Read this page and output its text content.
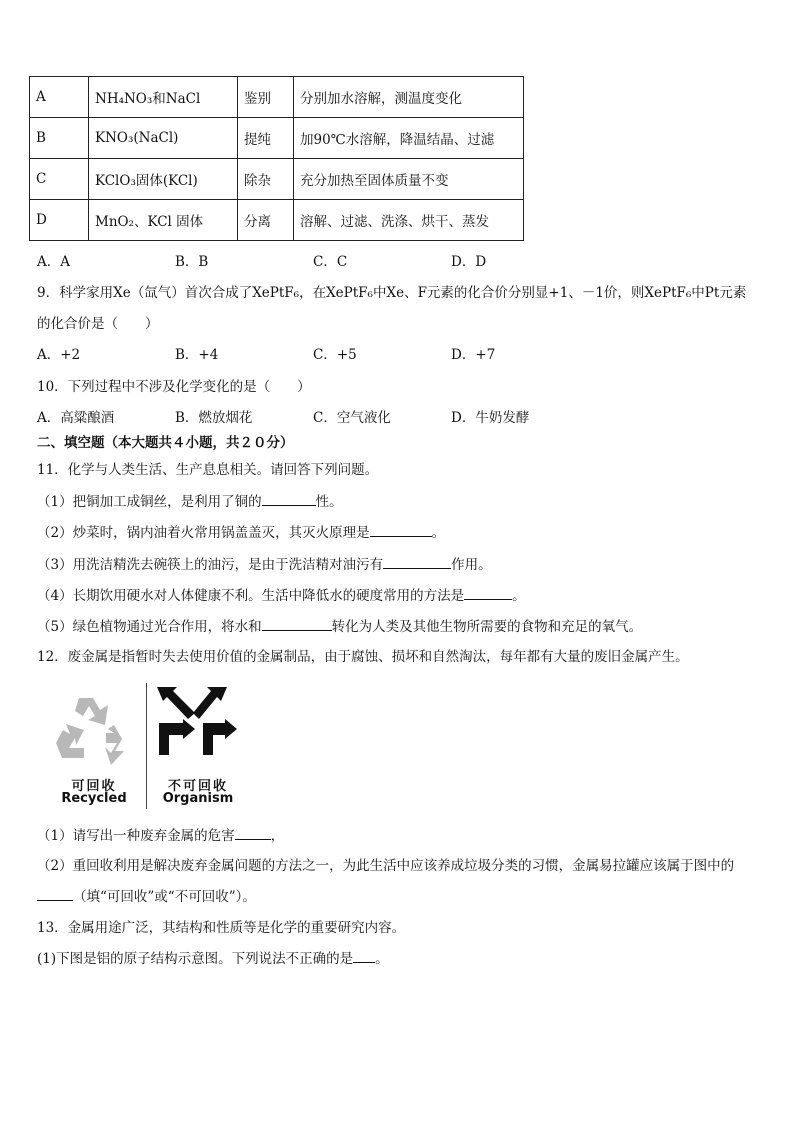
A	NH₄NO₃和NaCl	鉴别	分别加水溶解，测温度变化
B	KNO₃(NaCl)	提纯	加90℃水溶解，降温结晶、过滤
C	KClO₃固体(KCl)	除杂	充分加热至固体质量不变
D	MnO₂、KCl 固体	分离	溶解、过滤、洗涤、烘干、蒸发
A．A	B．B	C．C	D．D
9．科学家用Xe（氙气）首次合成了XePtF₆，在XePtF₆中Xe、F元素的化合价分别显+1、－1价，则XePtF₆中Pt元素
的化合价是（　　）
A．+2	B．+4	C．+5	D．+7
10．下列过程中不涉及化学变化的是（　　）
A．高粱酿酒	B．燃放烟花	C．空气液化	D．牛奶发酵
二、填空题（本大题共４小题，共２０分）
11．化学与人类生活、生产息息相关。请回答下列问题。
（1）把铜加工成铜丝，是利用了铜的	性。
（2）炒菜时，锅内油着火常用锅盖盖灭，其灭火原理是	。
（3）用洗洁精洗去碗筷上的油污，是由于洗洁精对油污有	作用。
（4）长期饮用硬水对人体健康不利。生活中降低水的硬度常用的方法是	。
（5）绿色植物通过光合作用，将水和	转化为人类及其他生物所需要的食物和充足的氧气。
12．废金属是指暂时失去使用价值的金属制品，由于腐蚀、损坏和自然淘汰，每年都有大量的废旧金属产生。
可回收
Recycled
不可回收
Organism
（1）请写出一种废弃金属的危害	，
（2）重回收利用是解决废弃金属问题的方法之一，为此生活中应该养成垃圾分类的习惯，金属易拉罐应该属于图中的
（填“可回收”或“不可回收”）。
13．金属用途广泛，其结构和性质等是化学的重要研究内容。
(1)下图是铝的原子结构示意图。下列说法不正确的是 。
